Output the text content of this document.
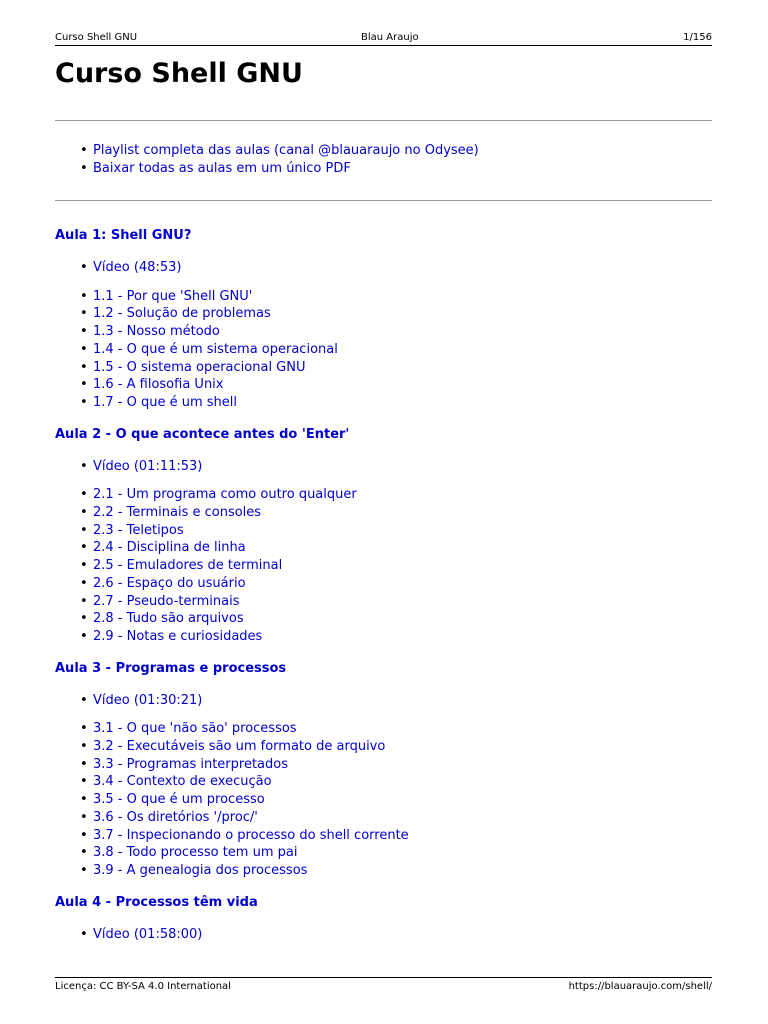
Curso Shell GNU	Blau Araujo	1/156
Curso Shell GNU
• Playlist completa das aulas (canal @blauaraujo no Odysee)
• Baixar todas as aulas em um único PDF
Aula 1: Shell GNU?
• Vídeo (48:53)
• 1.1 - Por que 'Shell GNU'
• 1.2 - Solução de problemas
• 1.3 - Nosso método
• 1.4 - O que é um sistema operacional
• 1.5 - O sistema operacional GNU
• 1.6 - A filosofia Unix
• 1.7 - O que é um shell
Aula 2 - O que acontece antes do 'Enter'
• Vídeo (01:11:53)
• 2.1 - Um programa como outro qualquer
• 2.2 - Terminais e consoles
• 2.3 - Teletipos
• 2.4 - Disciplina de linha
• 2.5 - Emuladores de terminal
• 2.6 - Espaço do usuário
• 2.7 - Pseudo-terminais
• 2.8 - Tudo são arquivos
• 2.9 - Notas e curiosidades
Aula 3 - Programas e processos
• Vídeo (01:30:21)
• 3.1 - O que 'não são' processos
• 3.2 - Executáveis são um formato de arquivo
• 3.3 - Programas interpretados
• 3.4 - Contexto de execução
• 3.5 - O que é um processo
• 3.6 - Os diretórios '/proc/'
• 3.7 - Inspecionando o processo do shell corrente
• 3.8 - Todo processo tem um pai
• 3.9 - A genealogia dos processos
Aula 4 - Processos têm vida
• Vídeo (01:58:00)
Licença: CC BY-SA 4.0 International	https://blauaraujo.com/shell/
